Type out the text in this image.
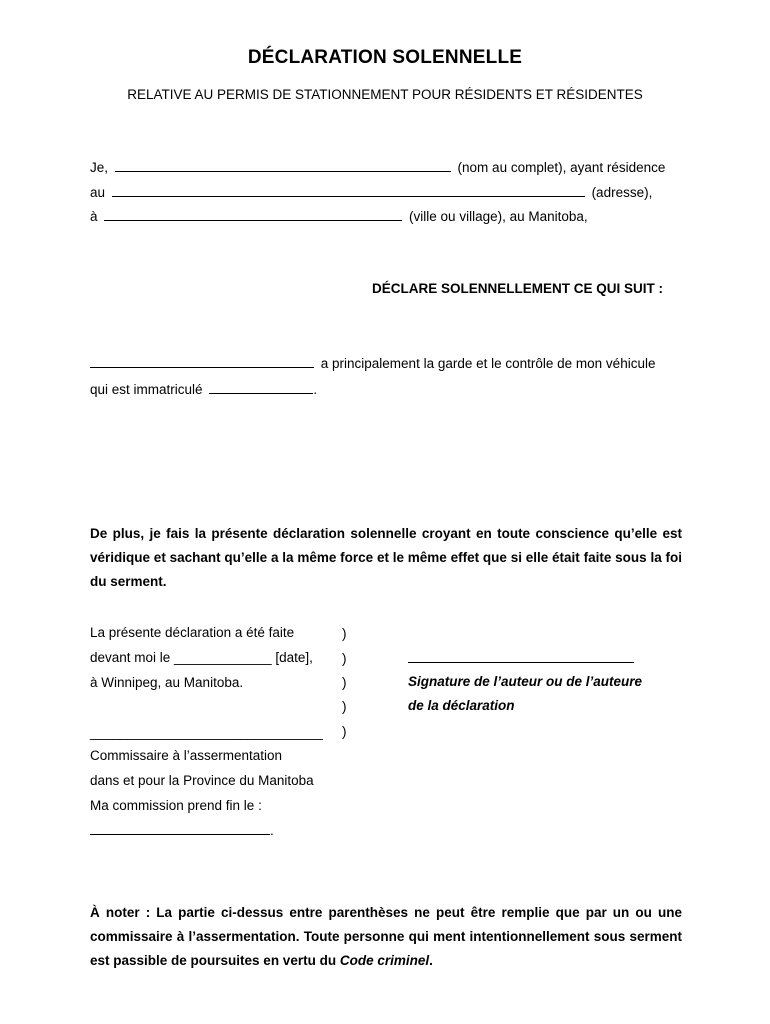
DÉCLARATION SOLENNELLE
RELATIVE AU PERMIS DE STATIONNEMENT POUR RÉSIDENTS ET RÉSIDENTES
Je,	(nom au complet), ayant résidence
au	(adresse),
à	(ville ou village), au Manitoba,
DÉCLARE SOLENNELLEMENT CE QUI SUIT :
a principalement la garde et le contrôle de mon véhicule
qui est immatriculé	.
De plus, je fais la présente déclaration solennelle croyant en toute conscience qu’elle est véridique et sachant qu’elle a la même force et le même effet que si elle était faite sous la foi du serment.
La présente déclaration a été faite
devant moi le _____________ [date],
à Winnipeg, au Manitoba.
_______________________________
Commissaire à l’assermentation
dans et pour la Province du Manitoba
Ma commission prend fin le :
.
)
)
)
)
)
Signature de l’auteur ou de l’auteure
de la déclaration
À noter : La partie ci-dessus entre parenthèses ne peut être remplie que par un ou une commissaire à l’assermentation. Toute personne qui ment intentionnellement sous serment est passible de poursuites en vertu du Code criminel.
